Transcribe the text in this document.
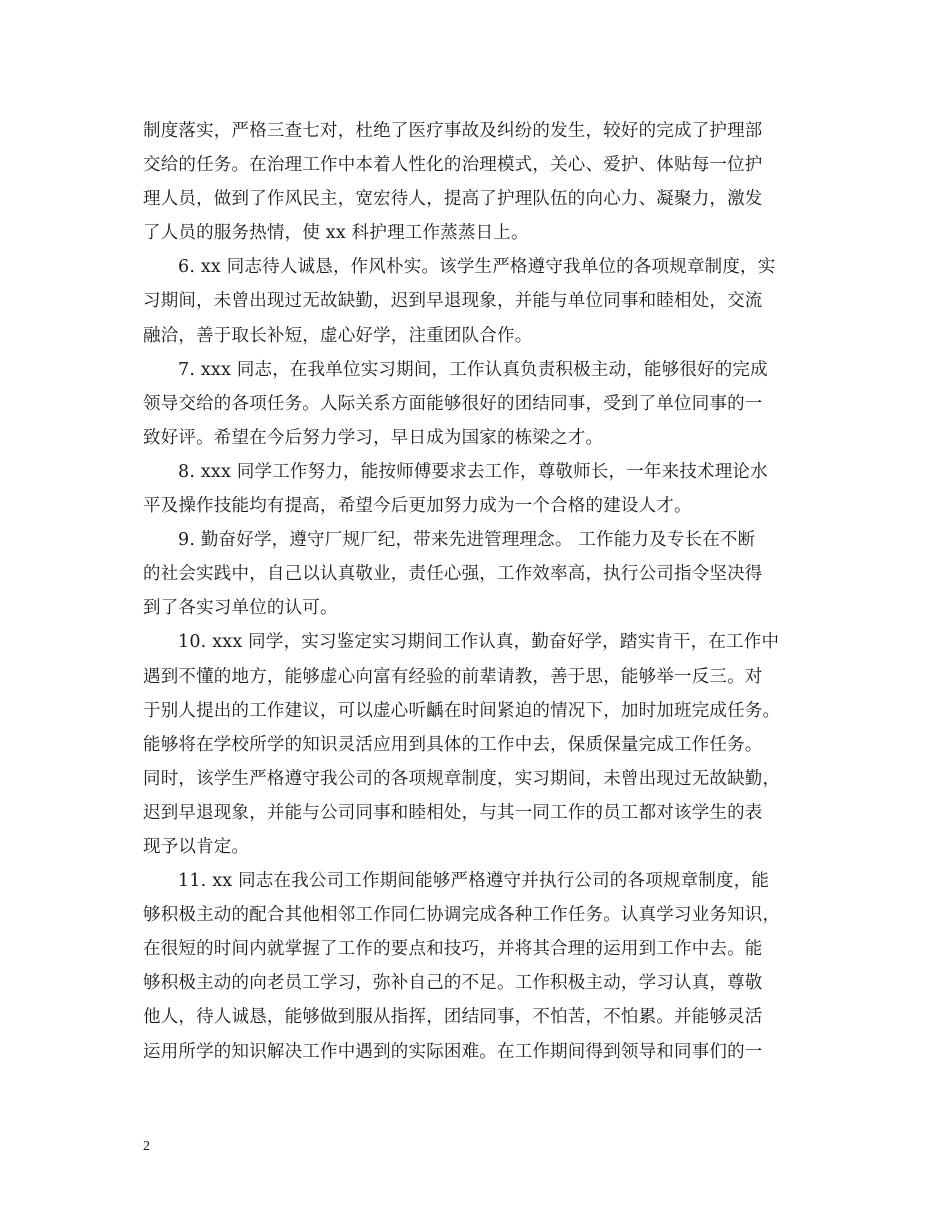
制度落实，严格三查七对，杜绝了医疗事故及纠纷的发生，较好的完成了护理部
交给的任务。在治理工作中本着人性化的治理模式，关心、爱护、体贴每一位护
理人员，做到了作风民主，宽宏待人，提高了护理队伍的向心力、凝聚力，激发
了人员的服务热情，使 xx 科护理工作蒸蒸日上。
6. xx 同志待人诚恳，作风朴实。该学生严格遵守我单位的各项规章制度，实
习期间，未曾出现过无故缺勤，迟到早退现象，并能与单位同事和睦相处，交流
融洽，善于取长补短，虚心好学，注重团队合作。
7. xxx 同志，在我单位实习期间，工作认真负责积极主动，能够很好的完成
领导交给的各项任务。人际关系方面能够很好的团结同事，受到了单位同事的一
致好评。希望在今后努力学习，早日成为国家的栋梁之才。
8. xxx 同学工作努力，能按师傅要求去工作，尊敬师长，一年来技术理论水
平及操作技能均有提高，希望今后更加努力成为一个合格的建设人才。
9. 勤奋好学，遵守厂规厂纪，带来先进管理理念。 工作能力及专长在不断
的社会实践中，自己以认真敬业，责任心强，工作效率高，执行公司指令坚决得
到了各实习单位的认可。
10. xxx 同学，实习鉴定实习期间工作认真，勤奋好学，踏实肯干，在工作中
遇到不懂的地方，能够虚心向富有经验的前辈请教，善于思，能够举一反三。对
于别人提出的工作建议，可以虚心听齲在时间紧迫的情况下，加时加班完成任务。
能够将在学校所学的知识灵活应用到具体的工作中去，保质保量完成工作任务。
同时，该学生严格遵守我公司的各项规章制度，实习期间，未曾出现过无故缺勤，
迟到早退现象，并能与公司同事和睦相处，与其一同工作的员工都对该学生的表
现予以肯定。
11. xx 同志在我公司工作期间能够严格遵守并执行公司的各项规章制度，能
够积极主动的配合其他相邻工作同仁协调完成各种工作任务。认真学习业务知识，
在很短的时间内就掌握了工作的要点和技巧，并将其合理的运用到工作中去。能
够积极主动的向老员工学习，弥补自己的不足。工作积极主动，学习认真，尊敬
他人，待人诚恳，能够做到服从指挥，团结同事，不怕苦，不怕累。并能够灵活
运用所学的知识解决工作中遇到的实际困难。在工作期间得到领导和同事们的一
2
